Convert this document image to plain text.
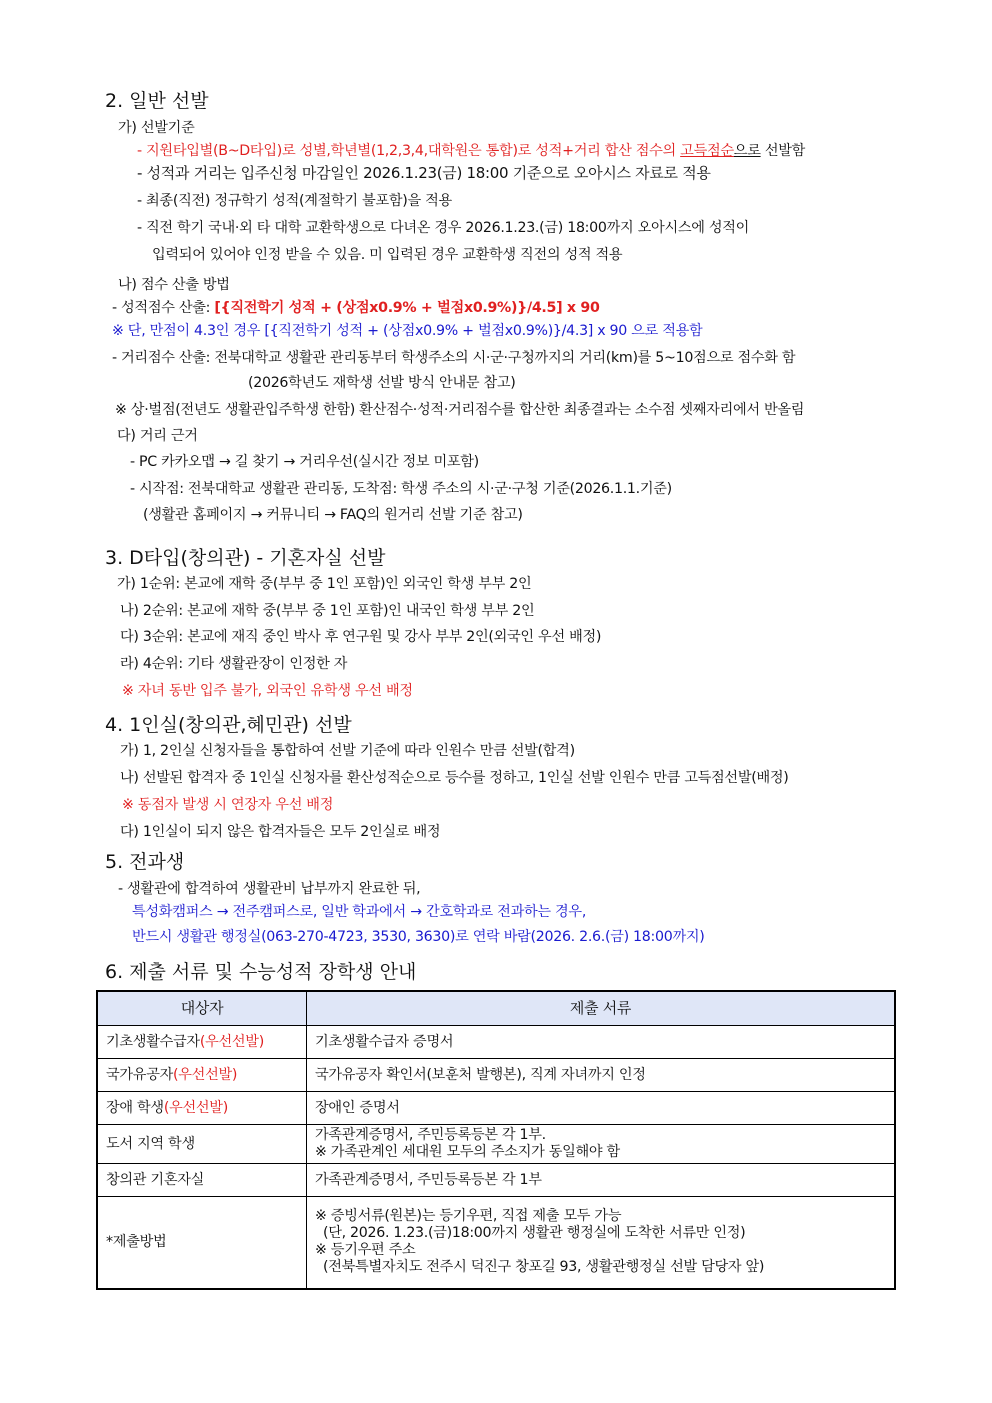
2. 일반 선발
가) 선발기준
- 지원타입별(B~D타입)로 성별,학년별(1,2,3,4,대학원은 통합)로 성적+거리 합산 점수의 고득점순으로 선발함
- 성적과 거리는 입주신청 마감일인 2026.1.23(금) 18:00 기준으로 오아시스 자료로 적용
- 최종(직전) 정규학기 성적(계절학기 불포함)을 적용
- 직전 학기 국내·외 타 대학 교환학생으로 다녀온 경우 2026.1.23.(금) 18:00까지 오아시스에 성적이
입력되어 있어야 인정 받을 수 있음. 미 입력된 경우 교환학생 직전의 성적 적용
나) 점수 산출 방법
- 성적점수 산출: [{직전학기 성적 + (상점x0.9% + 벌점x0.9%)}/4.5] x 90
※ 단, 만점이 4.3인 경우 [{직전학기 성적 + (상점x0.9% + 벌점x0.9%)}/4.3] x 90 으로 적용함
- 거리점수 산출: 전북대학교 생활관 관리동부터 학생주소의 시·군·구청까지의 거리(km)를 5~10점으로 점수화 함
(2026학년도 재학생 선발 방식 안내문 참고)
※ 상·벌점(전년도 생활관입주학생 한함) 환산점수·성적·거리점수를 합산한 최종결과는 소수점 셋째자리에서 반올림
다) 거리 근거
- PC 카카오맵 → 길 찾기 → 거리우선(실시간 정보 미포함)
- 시작점: 전북대학교 생활관 관리동, 도착점: 학생 주소의 시·군·구청 기준(2026.1.1.기준)
(생활관 홈페이지 → 커뮤니티 → FAQ의 원거리 선발 기준 참고)
3. D타입(창의관) - 기혼자실 선발
가) 1순위: 본교에 재학 중(부부 중 1인 포함)인 외국인 학생 부부 2인
나) 2순위: 본교에 재학 중(부부 중 1인 포함)인 내국인 학생 부부 2인
다) 3순위: 본교에 재직 중인 박사 후 연구원 및 강사 부부 2인(외국인 우선 배정)
라) 4순위: 기타 생활관장이 인정한 자
※ 자녀 동반 입주 불가, 외국인 유학생 우선 배정
4. 1인실(창의관,혜민관) 선발
가) 1, 2인실 신청자들을 통합하여 선발 기준에 따라 인원수 만큼 선발(합격)
나) 선발된 합격자 중 1인실 신청자를 환산성적순으로 등수를 정하고, 1인실 선발 인원수 만큼 고득점선발(배정)
※ 동점자 발생 시 연장자 우선 배정
다) 1인실이 되지 않은 합격자들은 모두 2인실로 배정
5. 전과생
- 생활관에 합격하여 생활관비 납부까지 완료한 뒤,
특성화캠퍼스 → 전주캠퍼스로, 일반 학과에서 → 간호학과로 전과하는 경우,
반드시 생활관 행정실(063-270-4723, 3530, 3630)로 연락 바람(2026. 2.6.(금) 18:00까지)
6. 제출 서류 및 수능성적 장학생 안내
대상자	제출 서류
기초생활수급자(우선선발)	기초생활수급자 증명서
국가유공자(우선선발)	국가유공자 확인서(보훈처 발행본), 직계 자녀까지 인정
장애 학생(우선선발)	장애인 증명서
도서 지역 학생	가족관계증명서, 주민등록등본 각 1부.
※ 가족관계인 세대원 모두의 주소지가 동일해야 함

창의관 기혼자실	가족관계증명서, 주민등록등본 각 1부
*제출방법	※ 증빙서류(원본)는 등기우편, 직접 제출 모두 가능
(단, 2026. 1.23.(금)18:00까지 생활관 행정실에 도착한 서류만 인정)
※ 등기우편 주소
(전북특별자치도 전주시 덕진구 창포길 93, 생활관행정실 선발 담당자 앞)
